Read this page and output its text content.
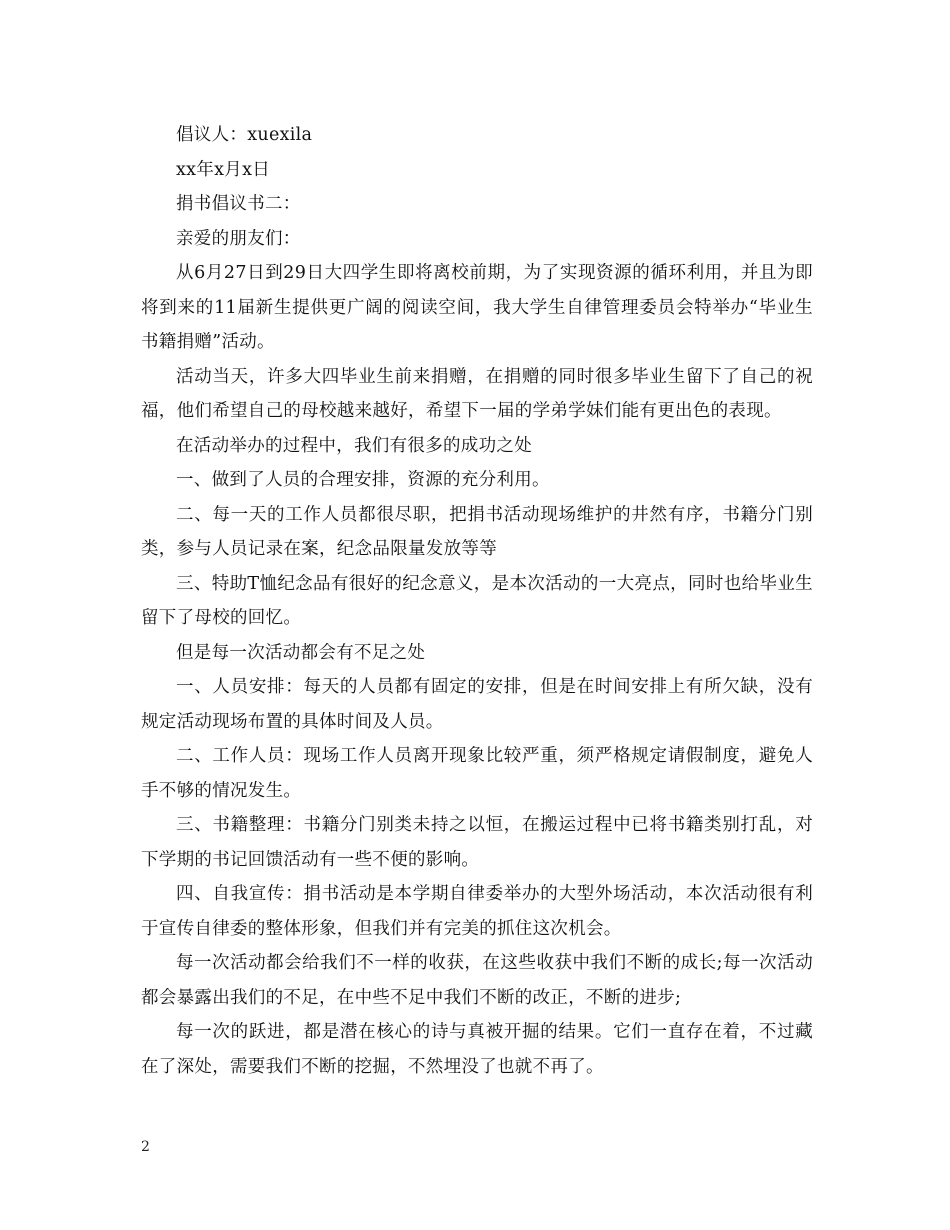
倡议人：xuexila

xx年x月x日

捐书倡议书二：

亲爱的朋友们：

从6月27日到29日大四学生即将离校前期，为了实现资源的循环利用，并且为即将到来的11届新生提供更广阔的阅读空间，我大学生自律管理委员会特举办“毕业生书籍捐赠”活动。

活动当天，许多大四毕业生前来捐赠，在捐赠的同时很多毕业生留下了自己的祝福，他们希望自己的母校越来越好，希望下一届的学弟学妹们能有更出色的表现。

在活动举办的过程中，我们有很多的成功之处

一、做到了人员的合理安排，资源的充分利用。

二、每一天的工作人员都很尽职，把捐书活动现场维护的井然有序，书籍分门别类，参与人员记录在案，纪念品限量发放等等

三、特助T恤纪念品有很好的纪念意义，是本次活动的一大亮点，同时也给毕业生留下了母校的回忆。

但是每一次活动都会有不足之处

一、人员安排：每天的人员都有固定的安排，但是在时间安排上有所欠缺，没有规定活动现场布置的具体时间及人员。

二、工作人员：现场工作人员离开现象比较严重，须严格规定请假制度，避免人手不够的情况发生。

三、书籍整理：书籍分门别类未持之以恒，在搬运过程中已将书籍类别打乱，对下学期的书记回馈活动有一些不便的影响。

四、自我宣传：捐书活动是本学期自律委举办的大型外场活动，本次活动很有利于宣传自律委的整体形象，但我们并有完美的抓住这次机会。

每一次活动都会给我们不一样的收获，在这些收获中我们不断的成长;每一次活动都会暴露出我们的不足，在中些不足中我们不断的改正，不断的进步;

每一次的跃进，都是潜在核心的诗与真被开掘的结果。它们一直存在着，不过藏在了深处，需要我们不断的挖掘，不然埋没了也就不再了。

2
